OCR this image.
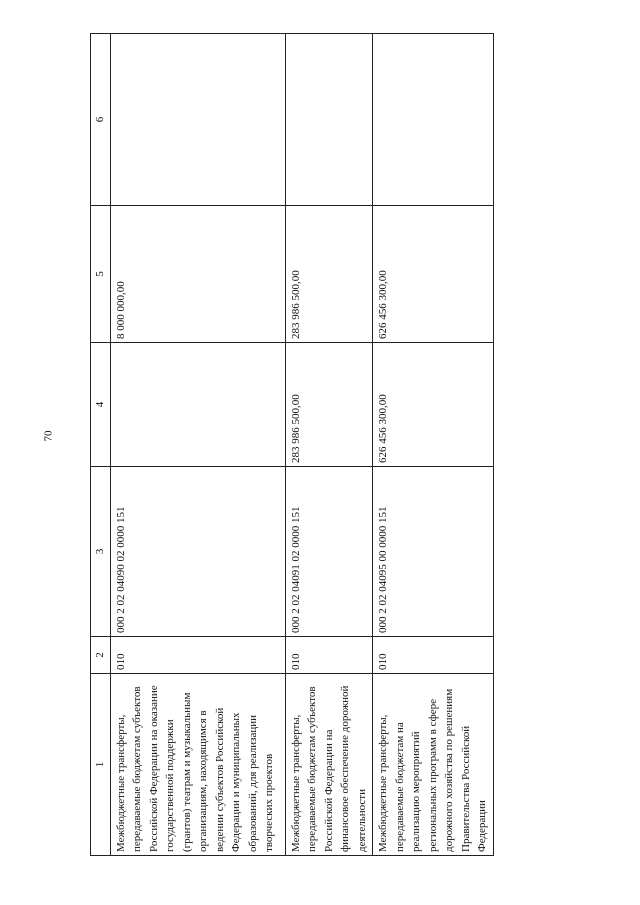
70
1	2	3	4	5	6
Межбюджетные трансферты, передаваемые бюджетам субъектов Российской Федерации на оказание государственной поддержки (грантов) театрам и музыкальным организациям, находящимся в ведении субъектов Российской Федерации и муниципальных образований, для реализации творческих проектов	010	000 2 02 04090 02 0000 151		8 000 000,00	
Межбюджетные трансферты, передаваемые бюджетам субъектов Российской Федерации на финансовое обеспечение дорожной деятельности	010	000 2 02 04091 02 0000 151	283 986 500,00	283 986 500,00	
Межбюджетные трансферты, передаваемые бюджетам на реализацию мероприятий региональных программ в сфере дорожного хозяйства по решениям Правительства Российской Федерации	010	000 2 02 04095 00 0000 151	626 456 300,00	626 456 300,00	
